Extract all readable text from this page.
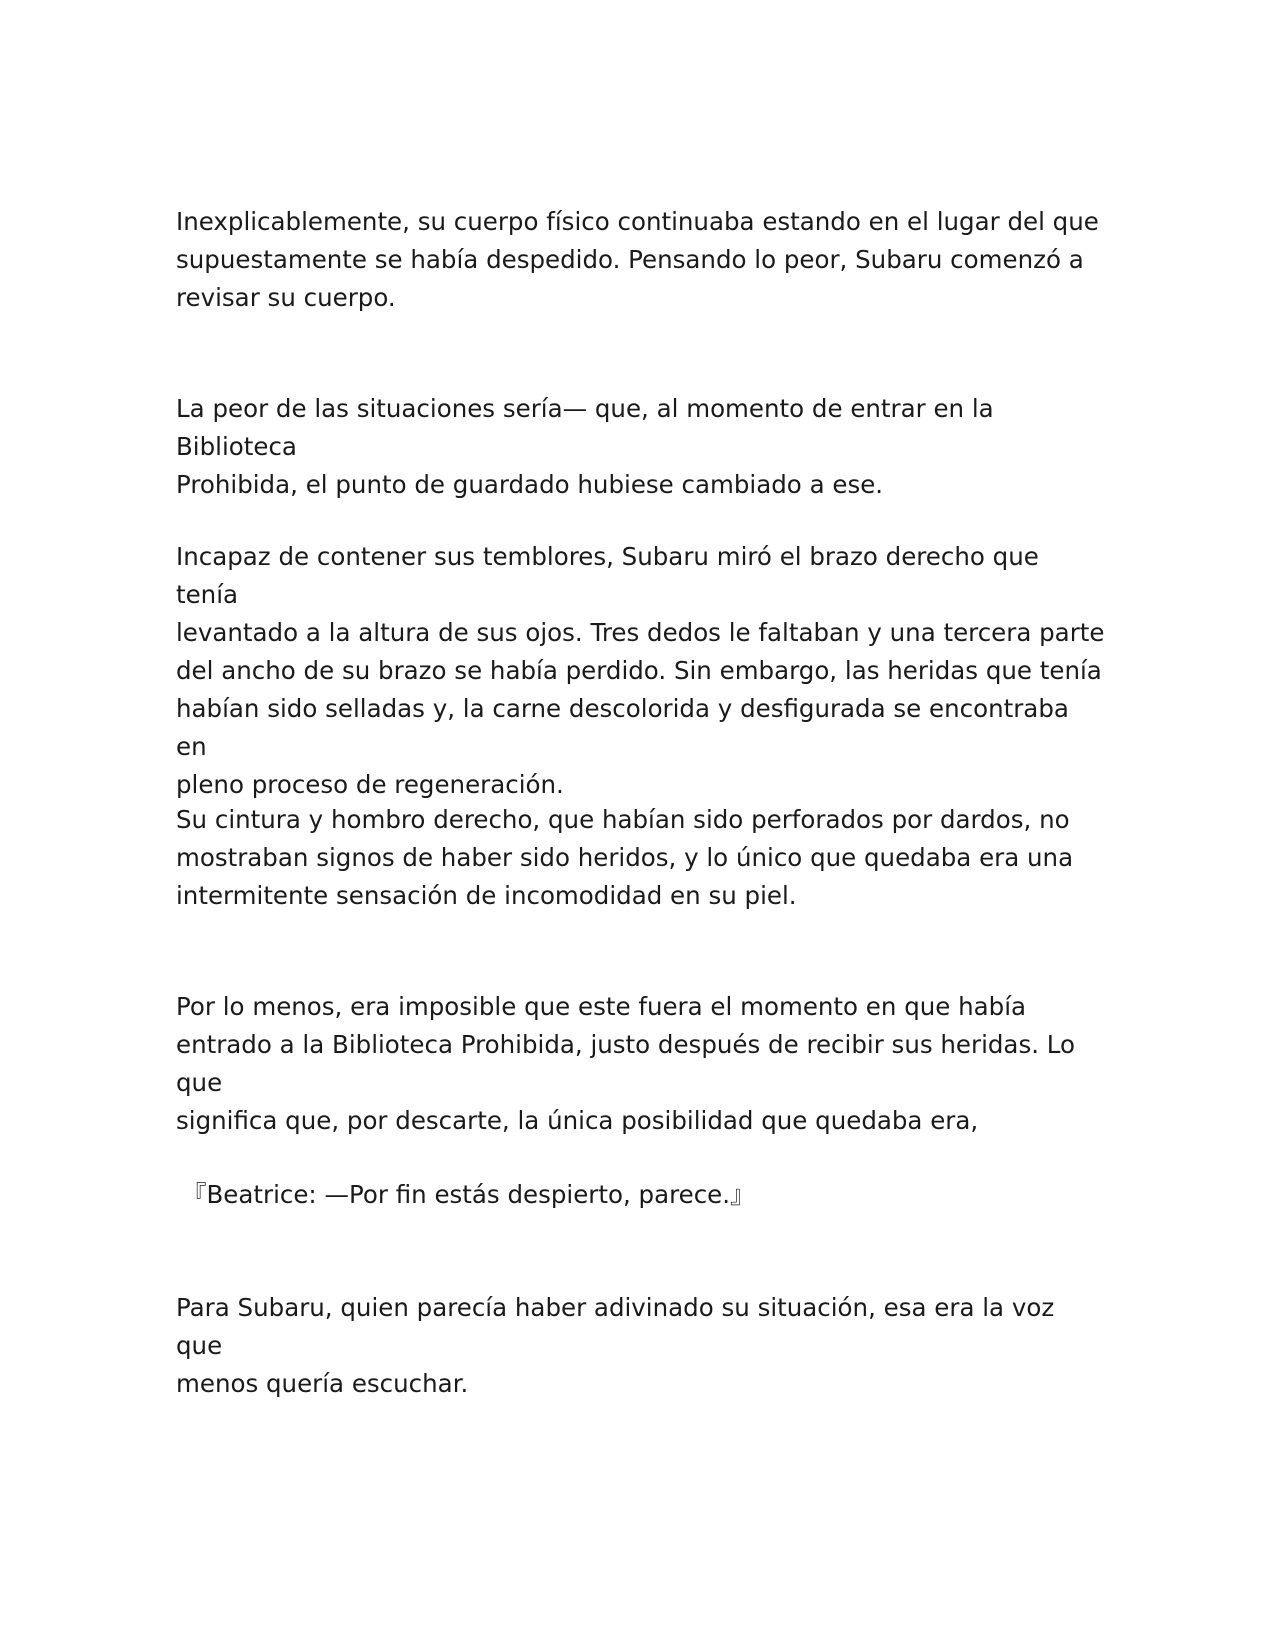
Inexplicablemente, su cuerpo físico continuaba estando en el lugar del que
supuestamente se había despedido. Pensando lo peor, Subaru comenzó a
revisar su cuerpo.

La peor de las situaciones sería— que, al momento de entrar en la Biblioteca
Prohibida, el punto de guardado hubiese cambiado a ese.

Incapaz de contener sus temblores, Subaru miró el brazo derecho que tenía
levantado a la altura de sus ojos. Tres dedos le faltaban y una tercera parte
del ancho de su brazo se había perdido. Sin embargo, las heridas que tenía
habían sido selladas y, la carne descolorida y desfigurada se encontraba en
pleno proceso de regeneración.

Su cintura y hombro derecho, que habían sido perforados por dardos, no
mostraban signos de haber sido heridos, y lo único que quedaba era una
intermitente sensación de incomodidad en su piel.

Por lo menos, era imposible que este fuera el momento en que había
entrado a la Biblioteca Prohibida, justo después de recibir sus heridas. Lo que
significa que, por descarte, la única posibilidad que quedaba era,

『Beatrice: —Por fin estás despierto, parece.』

Para Subaru, quien parecía haber adivinado su situación, esa era la voz que
menos quería escuchar.
